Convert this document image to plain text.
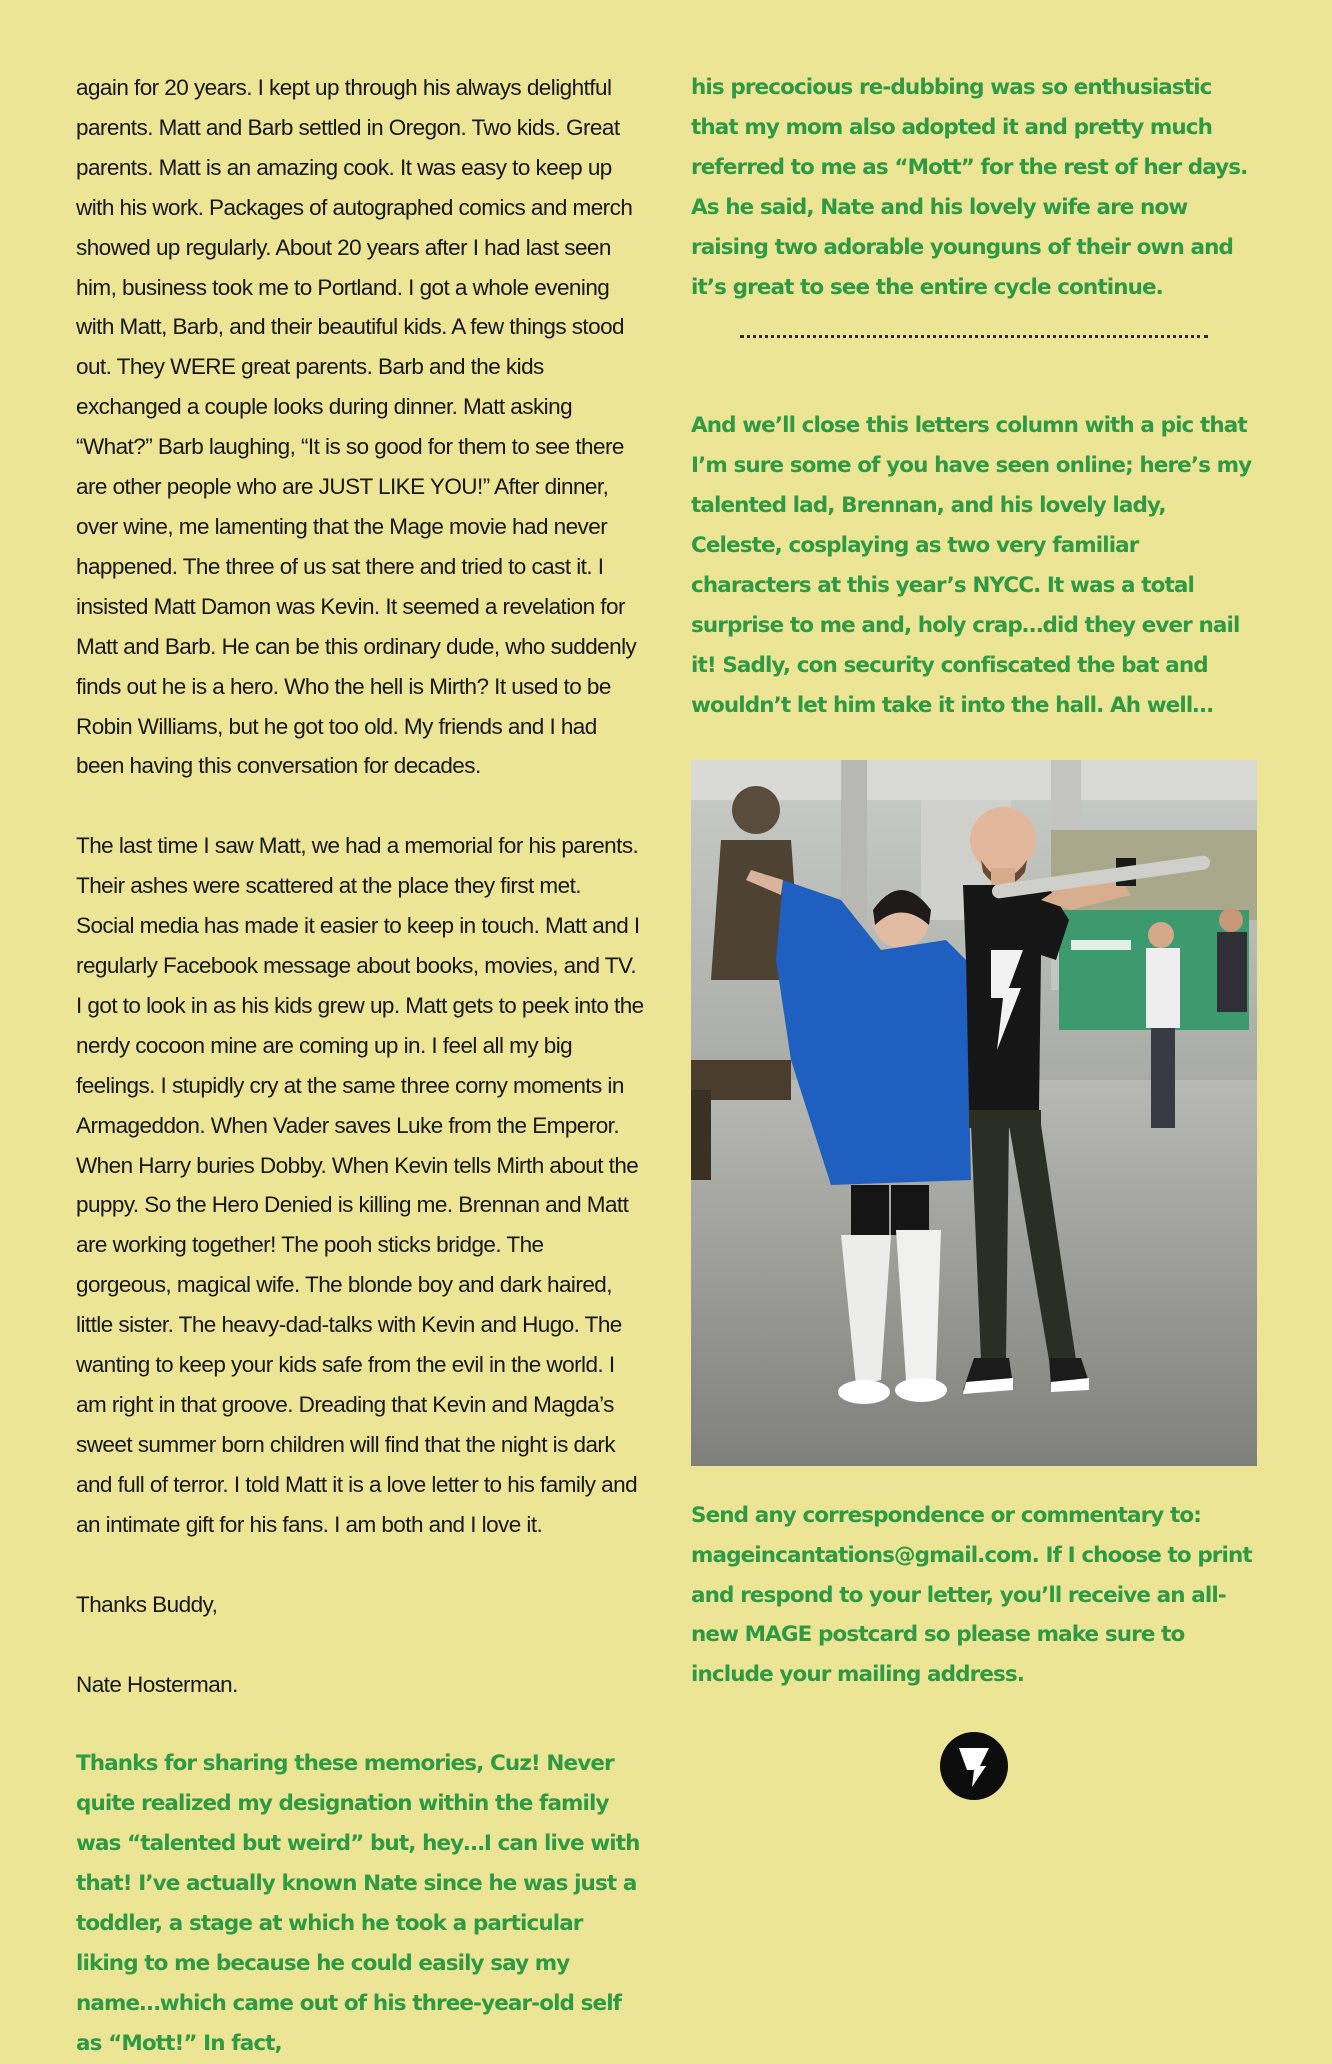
again for 20 years. I kept up through his always delightful parents. Matt and Barb settled in Oregon. Two kids. Great parents. Matt is an amazing cook. It was easy to keep up with his work. Packages of autographed comics and merch showed up regularly. About 20 years after I had last seen him, business took me to Portland. I got a whole evening with Matt, Barb, and their beautiful kids. A few things stood out. They WERE great parents. Barb and the kids exchanged a couple looks during dinner. Matt asking “What?” Barb laughing, “It is so good for them to see there are other people who are JUST LIKE YOU!” After dinner, over wine, me lamenting that the Mage movie had never happened. The three of us sat there and tried to cast it. I insisted Matt Damon was Kevin. It seemed a revelation for Matt and Barb. He can be this ordinary dude, who suddenly finds out he is a hero. Who the hell is Mirth? It used to be Robin Williams, but he got too old. My friends and I had been having this conversation for decades.

The last time I saw Matt, we had a memorial for his parents. Their ashes were scattered at the place they first met. Social media has made it easier to keep in touch. Matt and I regularly Facebook message about books, movies, and TV. I got to look in as his kids grew up. Matt gets to peek into the nerdy cocoon mine are coming up in. I feel all my big feelings. I stupidly cry at the same three corny moments in Armageddon. When Vader saves Luke from the Emperor. When Harry buries Dobby. When Kevin tells Mirth about the puppy. So the Hero Denied is killing me. Brennan and Matt are working together! The pooh sticks bridge. The gorgeous, magical wife. The blonde boy and dark haired, little sister. The heavy-dad-talks with Kevin and Hugo. The wanting to keep your kids safe from the evil in the world. I am right in that groove. Dreading that Kevin and Magda’s sweet summer born children will find that the night is dark and full of terror. I told Matt it is a love letter to his family and an intimate gift for his fans. I am both and I love it.

Thanks Buddy,

Nate Hosterman.

Thanks for sharing these memories, Cuz! Never quite realized my designation within the family was “talented but weird” but, hey…I can live with that! I’ve actually known Nate since he was just a toddler, a stage at which he took a particular liking to me because he could easily say my name…which came out of his three-year-old self as “Mott!” In fact,

his precocious re-dubbing was so enthusiastic that my mom also adopted it and pretty much referred to me as “Mott” for the rest of her days. As he said, Nate and his lovely wife are now raising two adorable younguns of their own and it’s great to see the entire cycle continue.

And we’ll close this letters column with a pic that I’m sure some of you have seen online; here’s my talented lad, Brennan, and his lovely lady, Celeste, cosplaying as two very familiar characters at this year’s NYCC. It was a total surprise to me and, holy crap…did they ever nail it! Sadly, con security confiscated the bat and wouldn’t let him take it into the hall. Ah well…

Send any correspondence or commentary to: mageincantations@gmail.com. If I choose to print and respond to your letter, you’ll receive an all-new MAGE postcard so please make sure to include your mailing address.
